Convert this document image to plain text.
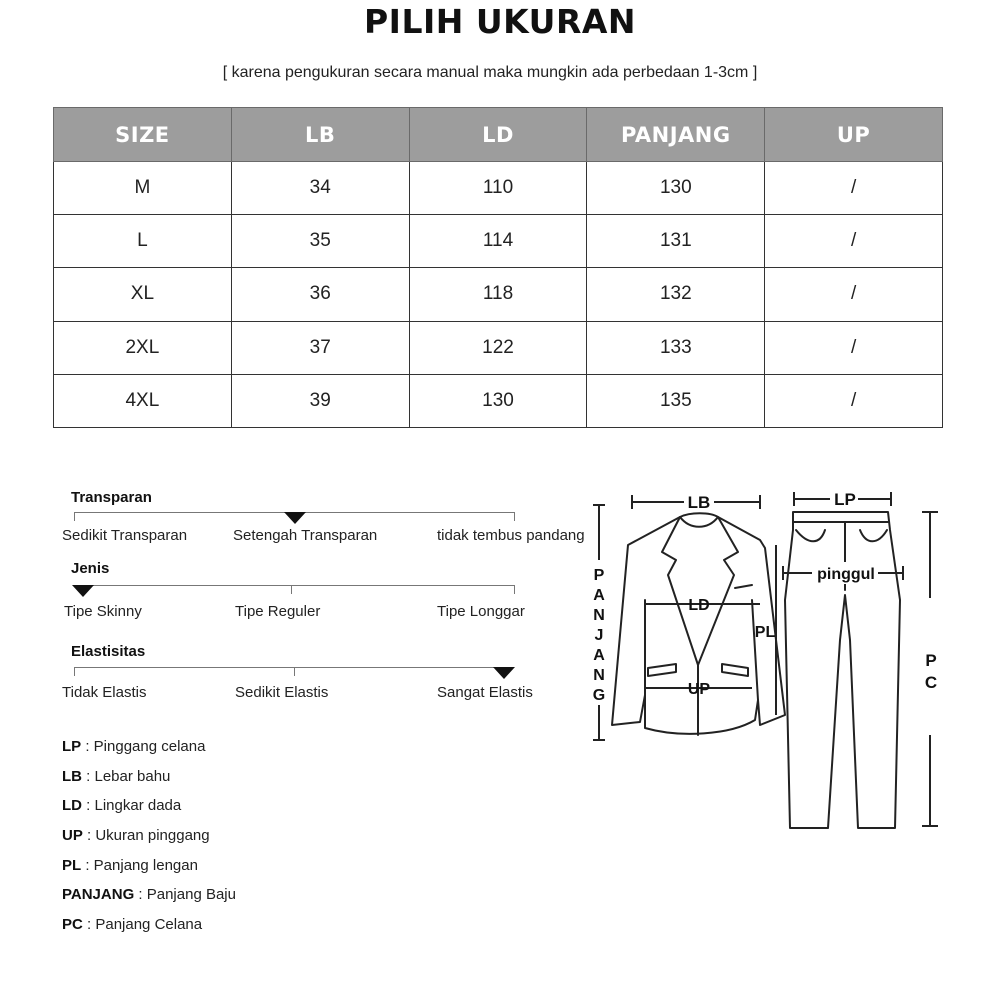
PILIH UKURAN
[ karena pengukuran secara manual maka mungkin ada perbedaan 1-3cm ]
SIZE	LB	LD	PANJANG	UP
M	34	110	130	/
L	35	114	131	/
XL	36	118	132	/
2XL	37	122	133	/
4XL	39	130	135	/
Transparan
Sedikit Transparan	Setengah Transparan	tidak tembus pandang
Jenis
Tipe Skinny	Tipe Reguler	Tipe Longgar
Elastisitas
Tidak Elastis	Sedikit Elastis	Sangat Elastis
LP : Pinggang celana
LB : Lebar bahu
LD : Lingkar dada
UP : Ukuran pinggang
PL : Panjang lengan
PANJANG : Panjang Baju
PC : Panjang Celana
LB	LP
LD
UP
PL
pinggul
P
A
N
J
A
N
G
P
C
